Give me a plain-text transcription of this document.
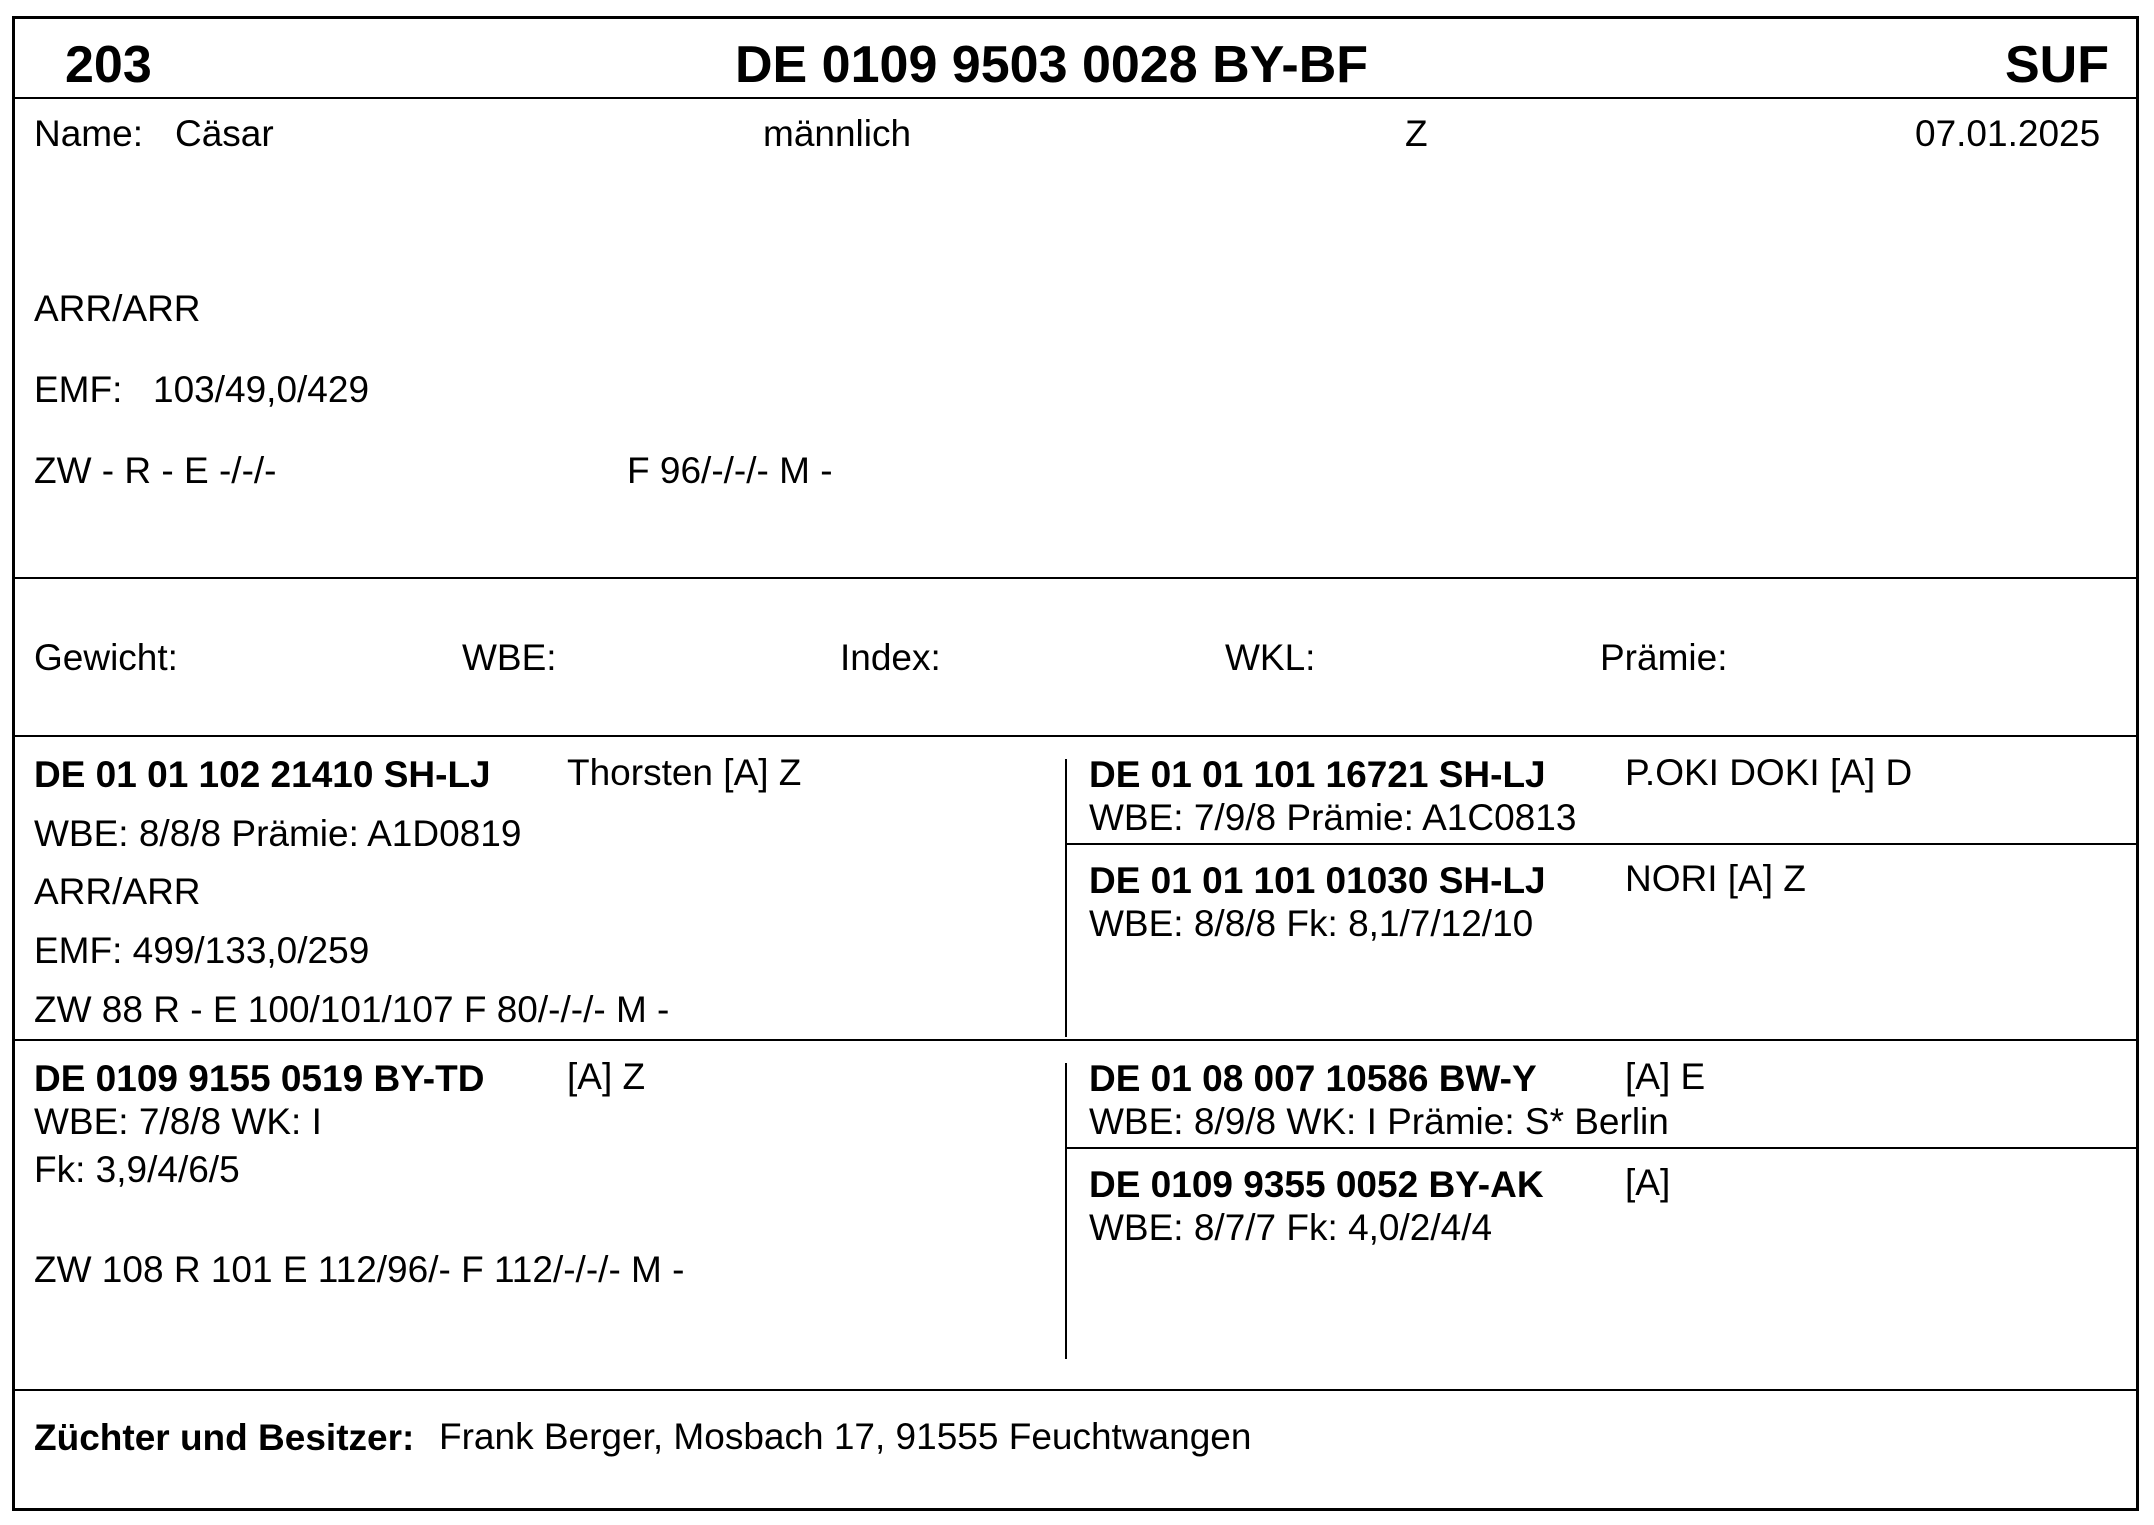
203	DE 0109 9503 0028 BY-BF	SUF
Name: Cäsar	männlich	Z	07.01.2025
ARR/ARR
EMF: 103/49,0/429
ZW - R - E -/-/-	F 96/-/-/- M -
Gewicht:	WBE:	Index:	WKL:	Prämie:
DE 01 01 102 21410 SH-LJ Thorsten [A] Z
WBE: 8/8/8 Prämie: A1D0819
ARR/ARR
EMF: 499/133,0/259
ZW 88 R - E 100/101/107 F 80/-/-/- M -
DE 01 01 101 16721 SH-LJ P.OKI DOKI [A] D
WBE: 7/9/8 Prämie: A1C0813
DE 01 01 101 01030 SH-LJ NORI [A] Z
WBE: 8/8/8 Fk: 8,1/7/12/10
DE 0109 9155 0519 BY-TD [A] Z
WBE: 7/8/8 WK: I
Fk: 3,9/4/6/5
ZW 108 R 101 E 112/96/- F 112/-/-/- M -
DE 01 08 007 10586 BW-Y [A] E
WBE: 8/9/8 WK: I Prämie: S* Berlin
DE 0109 9355 0052 BY-AK [A]
WBE: 8/7/7 Fk: 4,0/2/4/4
Züchter und Besitzer: Frank Berger, Mosbach 17, 91555 Feuchtwangen
